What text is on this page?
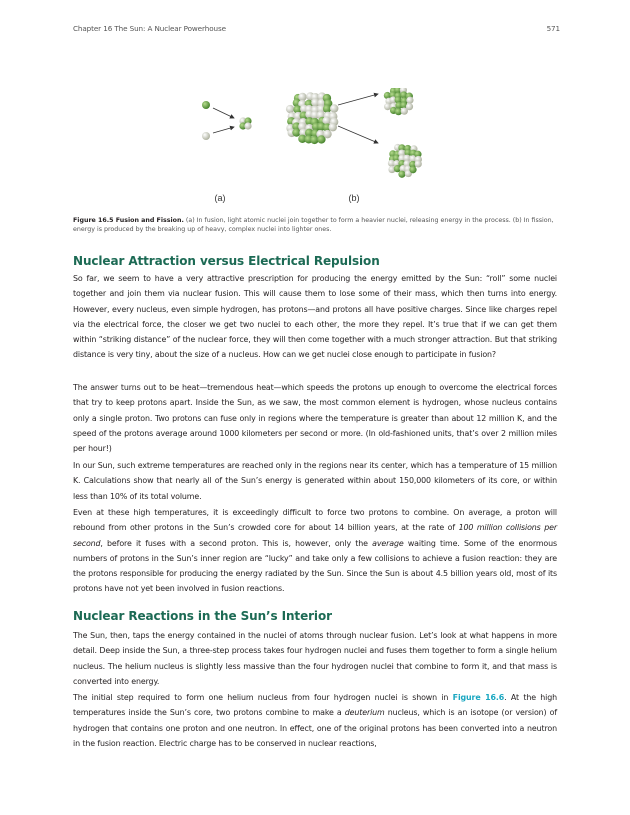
Chapter 16 The Sun: A Nuclear Powerhouse	571
(a)	(b)
Figure 16.5 Fusion and Fission. (a) In fusion, light atomic nuclei join together to form a heavier nuclei, releasing energy in the process. (b) In fission, energy is produced by the breaking up of heavy, complex nuclei into lighter ones.
Nuclear Attraction versus Electrical Repulsion

So far, we seem to have a very attractive prescription for producing the energy emitted by the Sun: “roll” some nuclei together and join them via nuclear fusion. This will cause them to lose some of their mass, which then turns into energy. However, every nucleus, even simple hydrogen, has protons—and protons all have positive charges. Since like charges repel via the electrical force, the closer we get two nuclei to each other, the more they repel. It’s true that if we can get them within “striking distance” of the nuclear force, they will then come together with a much stronger attraction. But that striking distance is very tiny, about the size of a nucleus. How can we get nuclei close enough to participate in fusion?

The answer turns out to be heat—tremendous heat—which speeds the protons up enough to overcome the electrical forces that try to keep protons apart. Inside the Sun, as we saw, the most common element is hydrogen, whose nucleus contains only a single proton. Two protons can fuse only in regions where the temperature is greater than about 12 million K, and the speed of the protons average around 1000 kilometers per second or more. (In old-fashioned units, that’s over 2 million miles per hour!)

In our Sun, such extreme temperatures are reached only in the regions near its center, which has a temperature of 15 million K. Calculations show that nearly all of the Sun’s energy is generated within about 150,000 kilometers of its core, or within less than 10% of its total volume.

Even at these high temperatures, it is exceedingly difficult to force two protons to combine. On average, a proton will rebound from other protons in the Sun’s crowded core for about 14 billion years, at the rate of 100 million collisions per second, before it fuses with a second proton. This is, however, only the average waiting time. Some of the enormous numbers of protons in the Sun’s inner region are “lucky” and take only a few collisions to achieve a fusion reaction: they are the protons responsible for producing the energy radiated by the Sun. Since the Sun is about 4.5 billion years old, most of its protons have not yet been involved in fusion reactions.

Nuclear Reactions in the Sun’s Interior

The Sun, then, taps the energy contained in the nuclei of atoms through nuclear fusion. Let’s look at what happens in more detail. Deep inside the Sun, a three-step process takes four hydrogen nuclei and fuses them together to form a single helium nucleus. The helium nucleus is slightly less massive than the four hydrogen nuclei that combine to form it, and that mass is converted into energy.

The initial step required to form one helium nucleus from four hydrogen nuclei is shown in Figure 16.6. At the high temperatures inside the Sun’s core, two protons combine to make a deuterium nucleus, which is an isotope (or version) of hydrogen that contains one proton and one neutron. In effect, one of the original protons has been converted into a neutron in the fusion reaction. Electric charge has to be conserved in nuclear reactions,
